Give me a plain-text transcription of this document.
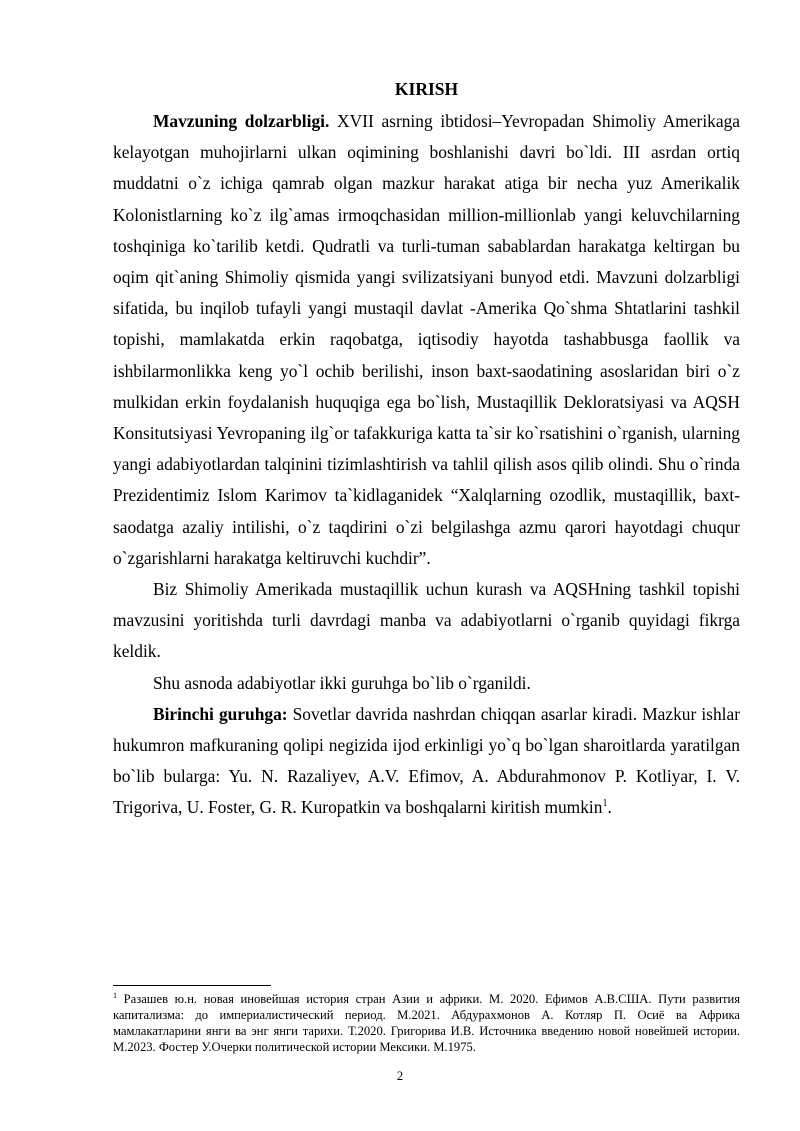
KIRISH

Mavzuning dolzarbligi. XVII asrning ibtidosi–Yevropadan Shimoliy Amerikaga kelayotgan muhojirlarni ulkan oqimining boshlanishi davri bo`ldi. III asrdan ortiq muddatni o`z ichiga qamrab olgan mazkur harakat atiga bir necha yuz Amerikalik Kolonistlarning ko`z ilg`amas irmoqchasidan million-millionlab yangi keluvchilarning toshqiniga ko`tarilib ketdi. Qudratli va turli-tuman sabablardan harakatga keltirgan bu oqim qit`aning Shimoliy qismida yangi svilizatsiyani bunyod etdi. Mavzuni dolzarbligi sifatida, bu inqilob tufayli yangi mustaqil davlat -Amerika Qo`shma Shtatlarini tashkil topishi, mamlakatda erkin raqobatga, iqtisodiy hayotda tashabbusga faollik va ishbilarmonlikka keng yo`l ochib berilishi, inson baxt-saodatining asoslaridan biri o`z mulkidan erkin foydalanish huquqiga ega bo`lish, Mustaqillik Dekloratsiyasi va AQSH Konsitutsiyasi Yevropaning ilg`or tafakkuriga katta ta`sir ko`rsatishini o`rganish, ularning yangi adabiyotlardan talqinini tizimlashtirish va tahlil qilish asos qilib olindi. Shu o`rinda Prezidentimiz Islom Karimov ta`kidlaganidek “Xalqlarning ozodlik, mustaqillik, baxt-saodatga azaliy intilishi, o`z taqdirini o`zi belgilashga azmu qarori hayotdagi chuqur o`zgarishlarni harakatga keltiruvchi kuchdir”.

Biz Shimoliy Amerikada mustaqillik uchun kurash va AQSHning tashkil topishi mavzusini yoritishda turli davrdagi manba va adabiyotlarni o`rganib quyidagi fikrga keldik.

Shu asnoda adabiyotlar ikki guruhga bo`lib o`rganildi.

Birinchi guruhga: Sovetlar davrida nashrdan chiqqan asarlar kiradi. Mazkur ishlar hukumron mafkuraning qolipi negizida ijod erkinligi yo`q bo`lgan sharoitlarda yaratilgan bo`lib bularga: Yu. N. Razaliyev, A.V. Efimov, A. Abdurahmonov P. Kotliyar, I. V. Trigoriva, U. Foster, G. R. Kuropatkin va boshqalarni kiritish mumkin$^1$.

$^1$ Разашев ю.н. новая иновейшая история стран Азии и африки. М. 2020. Ефимов А.В.США. Пути развития капитализма: до империалистический период. М.2021. Абдурахмонов А. Котляр П. Осиё ва Африка мамлакатларини янги ва энг янги тарихи. Т.2020. Григорива И.В. Источника введению новой новейшей истории. М.2023. Фостер У.Очерки политической истории Мексики. М.1975.

2
